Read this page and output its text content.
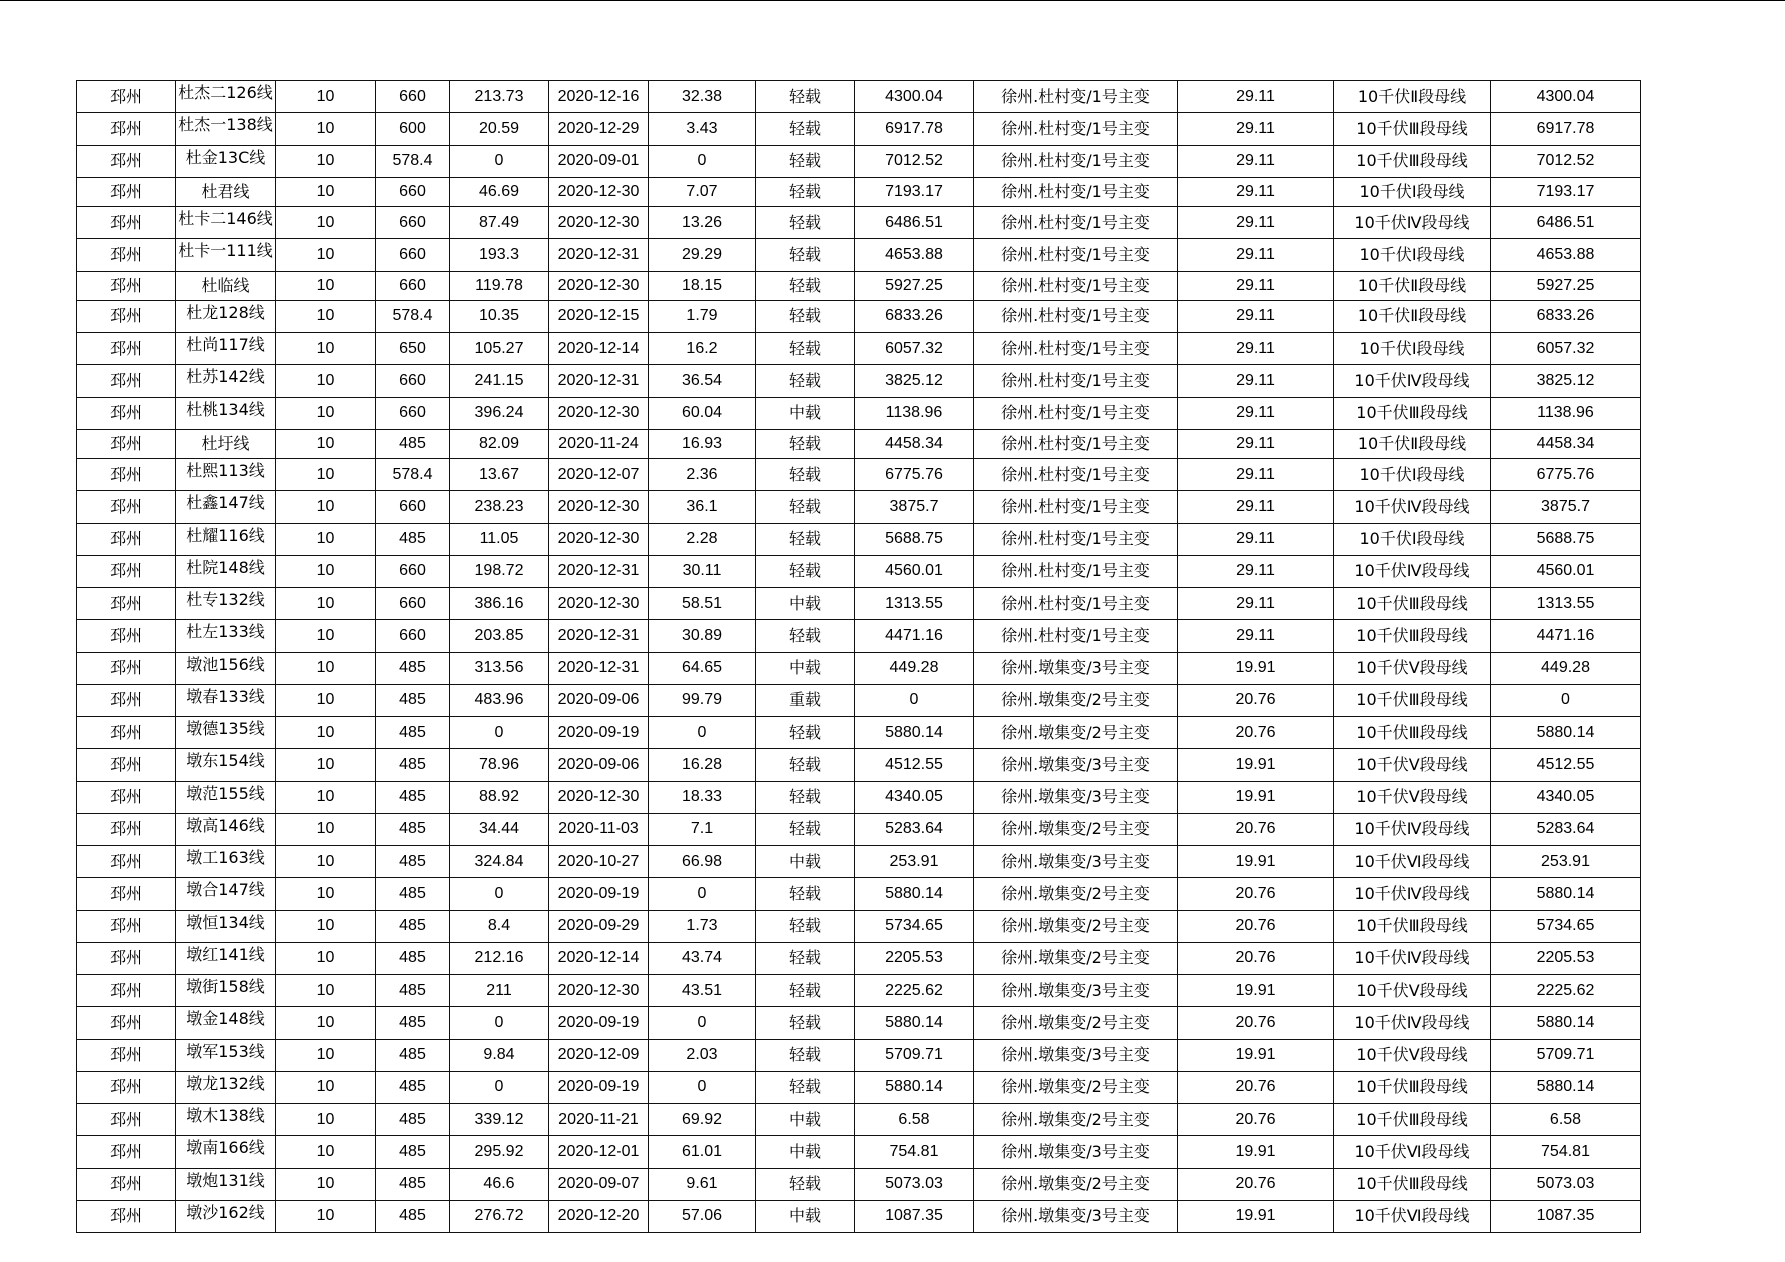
邳州	杜杰二126线	10	660	213.73	2020-12-16	32.38	轻载	4300.04	徐州.杜村变/1号主变	29.11	10千伏Ⅱ段母线	4300.04
邳州	杜杰一138线	10	600	20.59	2020-12-29	3.43	轻载	6917.78	徐州.杜村变/1号主变	29.11	10千伏Ⅲ段母线	6917.78
邳州	杜金13C线	10	578.4	0	2020-09-01	0	轻载	7012.52	徐州.杜村变/1号主变	29.11	10千伏Ⅲ段母线	7012.52
邳州	杜君线	10	660	46.69	2020-12-30	7.07	轻载	7193.17	徐州.杜村变/1号主变	29.11	10千伏Ⅰ段母线	7193.17
邳州	杜卡二146线	10	660	87.49	2020-12-30	13.26	轻载	6486.51	徐州.杜村变/1号主变	29.11	10千伏Ⅳ段母线	6486.51
邳州	杜卡一111线	10	660	193.3	2020-12-31	29.29	轻载	4653.88	徐州.杜村变/1号主变	29.11	10千伏Ⅰ段母线	4653.88
邳州	杜临线	10	660	119.78	2020-12-30	18.15	轻载	5927.25	徐州.杜村变/1号主变	29.11	10千伏Ⅱ段母线	5927.25
邳州	杜龙128线	10	578.4	10.35	2020-12-15	1.79	轻载	6833.26	徐州.杜村变/1号主变	29.11	10千伏Ⅱ段母线	6833.26
邳州	杜尚117线	10	650	105.27	2020-12-14	16.2	轻载	6057.32	徐州.杜村变/1号主变	29.11	10千伏Ⅰ段母线	6057.32
邳州	杜苏142线	10	660	241.15	2020-12-31	36.54	轻载	3825.12	徐州.杜村变/1号主变	29.11	10千伏Ⅳ段母线	3825.12
邳州	杜桃134线	10	660	396.24	2020-12-30	60.04	中载	1138.96	徐州.杜村变/1号主变	29.11	10千伏Ⅲ段母线	1138.96
邳州	杜圩线	10	485	82.09	2020-11-24	16.93	轻载	4458.34	徐州.杜村变/1号主变	29.11	10千伏Ⅱ段母线	4458.34
邳州	杜熙113线	10	578.4	13.67	2020-12-07	2.36	轻载	6775.76	徐州.杜村变/1号主变	29.11	10千伏Ⅰ段母线	6775.76
邳州	杜鑫147线	10	660	238.23	2020-12-30	36.1	轻载	3875.7	徐州.杜村变/1号主变	29.11	10千伏Ⅳ段母线	3875.7
邳州	杜耀116线	10	485	11.05	2020-12-30	2.28	轻载	5688.75	徐州.杜村变/1号主变	29.11	10千伏Ⅰ段母线	5688.75
邳州	杜院148线	10	660	198.72	2020-12-31	30.11	轻载	4560.01	徐州.杜村变/1号主变	29.11	10千伏Ⅳ段母线	4560.01
邳州	杜专132线	10	660	386.16	2020-12-30	58.51	中载	1313.55	徐州.杜村变/1号主变	29.11	10千伏Ⅲ段母线	1313.55
邳州	杜左133线	10	660	203.85	2020-12-31	30.89	轻载	4471.16	徐州.杜村变/1号主变	29.11	10千伏Ⅲ段母线	4471.16
邳州	墩池156线	10	485	313.56	2020-12-31	64.65	中载	449.28	徐州.墩集变/3号主变	19.91	10千伏Ⅴ段母线	449.28
邳州	墩春133线	10	485	483.96	2020-09-06	99.79	重载	0	徐州.墩集变/2号主变	20.76	10千伏Ⅲ段母线	0
邳州	墩德135线	10	485	0	2020-09-19	0	轻载	5880.14	徐州.墩集变/2号主变	20.76	10千伏Ⅲ段母线	5880.14
邳州	墩东154线	10	485	78.96	2020-09-06	16.28	轻载	4512.55	徐州.墩集变/3号主变	19.91	10千伏Ⅴ段母线	4512.55
邳州	墩范155线	10	485	88.92	2020-12-30	18.33	轻载	4340.05	徐州.墩集变/3号主变	19.91	10千伏Ⅴ段母线	4340.05
邳州	墩高146线	10	485	34.44	2020-11-03	7.1	轻载	5283.64	徐州.墩集变/2号主变	20.76	10千伏Ⅳ段母线	5283.64
邳州	墩工163线	10	485	324.84	2020-10-27	66.98	中载	253.91	徐州.墩集变/3号主变	19.91	10千伏Ⅵ段母线	253.91
邳州	墩合147线	10	485	0	2020-09-19	0	轻载	5880.14	徐州.墩集变/2号主变	20.76	10千伏Ⅳ段母线	5880.14
邳州	墩恒134线	10	485	8.4	2020-09-29	1.73	轻载	5734.65	徐州.墩集变/2号主变	20.76	10千伏Ⅲ段母线	5734.65
邳州	墩红141线	10	485	212.16	2020-12-14	43.74	轻载	2205.53	徐州.墩集变/2号主变	20.76	10千伏Ⅳ段母线	2205.53
邳州	墩街158线	10	485	211	2020-12-30	43.51	轻载	2225.62	徐州.墩集变/3号主变	19.91	10千伏Ⅴ段母线	2225.62
邳州	墩金148线	10	485	0	2020-09-19	0	轻载	5880.14	徐州.墩集变/2号主变	20.76	10千伏Ⅳ段母线	5880.14
邳州	墩军153线	10	485	9.84	2020-12-09	2.03	轻载	5709.71	徐州.墩集变/3号主变	19.91	10千伏Ⅴ段母线	5709.71
邳州	墩龙132线	10	485	0	2020-09-19	0	轻载	5880.14	徐州.墩集变/2号主变	20.76	10千伏Ⅲ段母线	5880.14
邳州	墩木138线	10	485	339.12	2020-11-21	69.92	中载	6.58	徐州.墩集变/2号主变	20.76	10千伏Ⅲ段母线	6.58
邳州	墩南166线	10	485	295.92	2020-12-01	61.01	中载	754.81	徐州.墩集变/3号主变	19.91	10千伏Ⅵ段母线	754.81
邳州	墩炮131线	10	485	46.6	2020-09-07	9.61	轻载	5073.03	徐州.墩集变/2号主变	20.76	10千伏Ⅲ段母线	5073.03
邳州	墩沙162线	10	485	276.72	2020-12-20	57.06	中载	1087.35	徐州.墩集变/3号主变	19.91	10千伏Ⅵ段母线	1087.35
